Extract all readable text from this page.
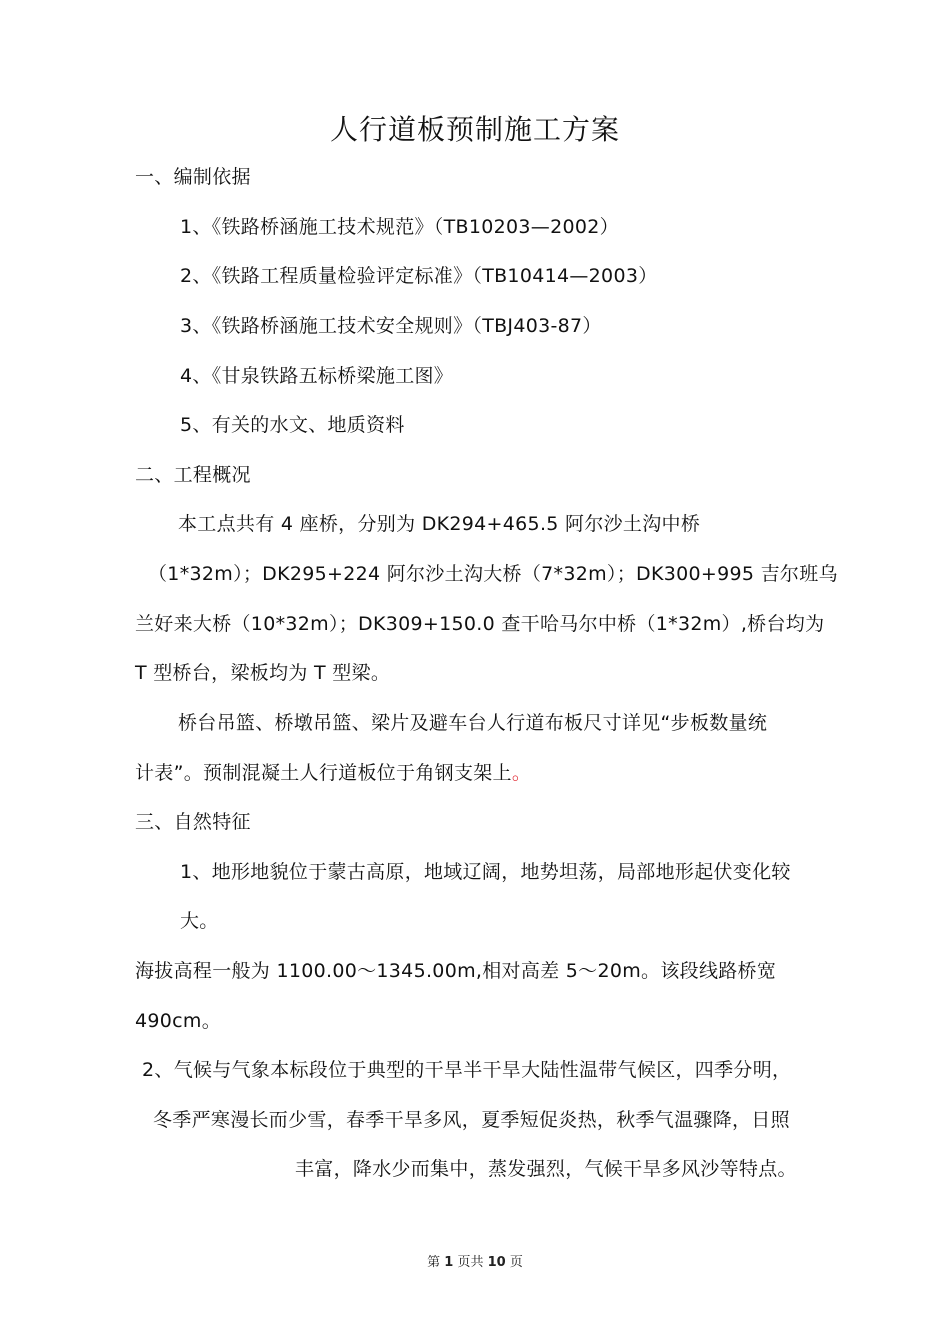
人行道板预制施工方案
一、编制依据
1、《铁路桥涵施工技术规范》（TB10203—2002）
2、《铁路工程质量检验评定标准》（TB10414—2003）
3、《铁路桥涵施工技术安全规则》（TBJ403-87）
4、《甘泉铁路五标桥梁施工图》
5、有关的水文、地质资料
二、工程概况
本工点共有 4 座桥，分别为 DK294+465.5 阿尔沙土沟中桥
（1*32m）；DK295+224 阿尔沙土沟大桥（7*32m）；DK300+995 吉尔班乌
兰好来大桥（10*32m）；DK309+150.0 查干哈马尔中桥（1*32m）,桥台均为
T 型桥台，梁板均为 T 型梁。
桥台吊篮、桥墩吊篮、梁片及避车台人行道布板尺寸详见“步板数量统
计表”。预制混凝土人行道板位于角钢支架上。
三、自然特征
1、地形地貌位于蒙古高原，地域辽阔，地势坦荡，局部地形起伏变化较
大。
海拔高程一般为 1100.00～1345.00m,相对高差 5～20m。该段线路桥宽
490cm。
2、气候与气象本标段位于典型的干旱半干旱大陆性温带气候区，四季分明，
冬季严寒漫长而少雪，春季干旱多风，夏季短促炎热，秋季气温骤降，日照
丰富，降水少而集中，蒸发强烈，气候干旱多风沙等特点。
第 1 页共 10 页
